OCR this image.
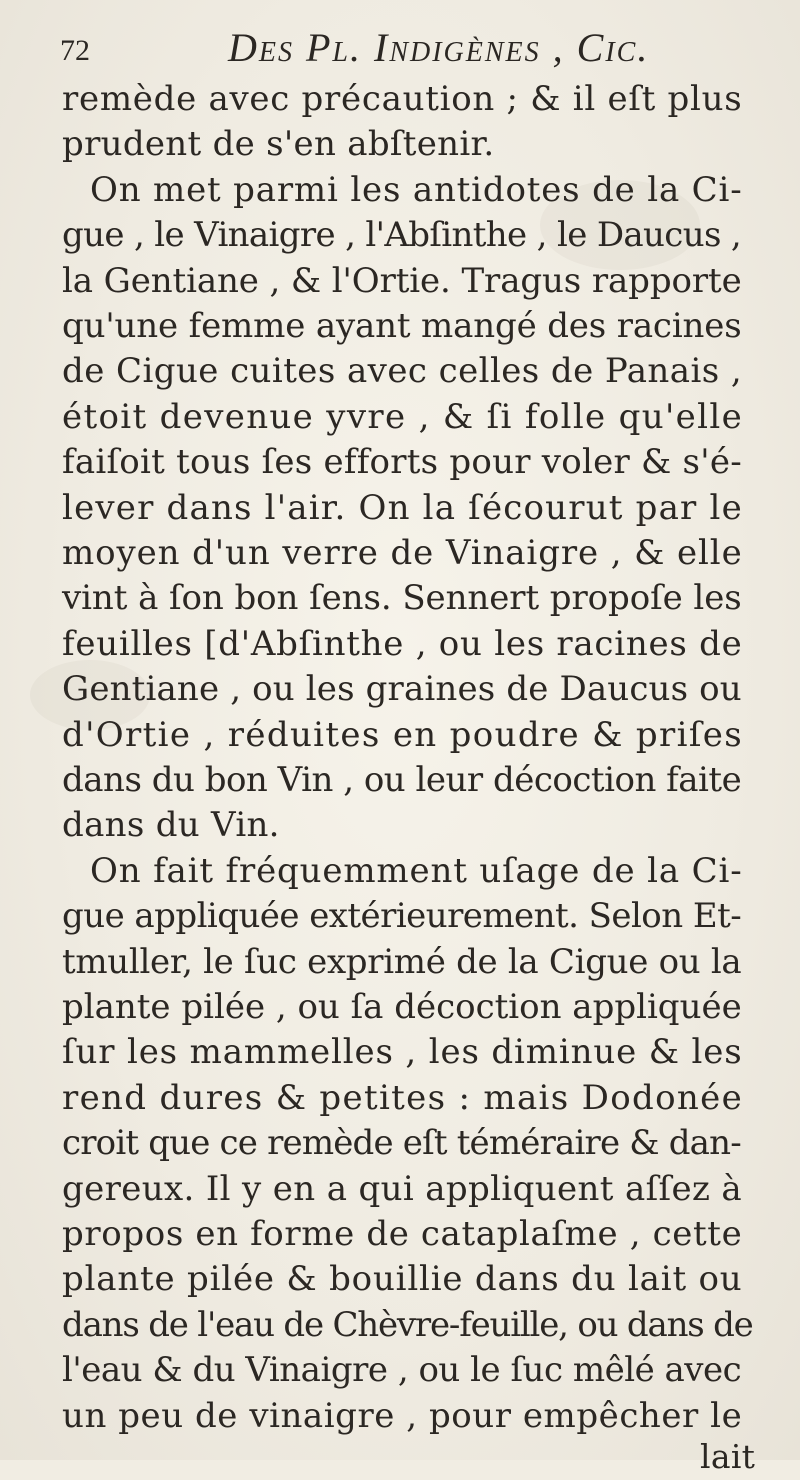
72	Des Pl. Indigènes , Cic.
remède avec précaution ; & il eſt plus
prudent de s'en abſtenir.
On met parmi les antidotes de la Ci-
gue , le Vinaigre , l'Abſinthe , le Daucus ,
la Gentiane , & l'Ortie. Tragus rapporte
qu'une femme ayant mangé des racines
de Cigue cuites avec celles de Panais ,
étoit devenue yvre , & ſi folle qu'elle
faiſoit tous ſes efforts pour voler & s'é-
lever dans l'air. On la ſécourut par le
moyen d'un verre de Vinaigre , & elle
vint à ſon bon ſens. Sennert propoſe les
feuilles [d'Abſinthe , ou les racines de
Gentiane , ou les graines de Daucus ou
d'Ortie , réduites en poudre & priſes
dans du bon Vin , ou leur décoction faite
dans du Vin.
On fait fréquemment uſage de la Ci-
gue appliquée extérieurement. Selon Et-
tmuller, le ſuc exprimé de la Cigue ou la
plante pilée , ou ſa décoction appliquée
ſur les mammelles , les diminue & les
rend dures & petites : mais Dodonée
croit que ce remède eſt téméraire & dan-
gereux. Il y en a qui appliquent aſſez à
propos en forme de cataplaſme , cette
plante pilée & bouillie dans du lait ou
dans de l'eau de Chèvre-feuille, ou dans de
l'eau & du Vinaigre , ou le ſuc mêlé avec
un peu de vinaigre , pour empêcher le
lait
